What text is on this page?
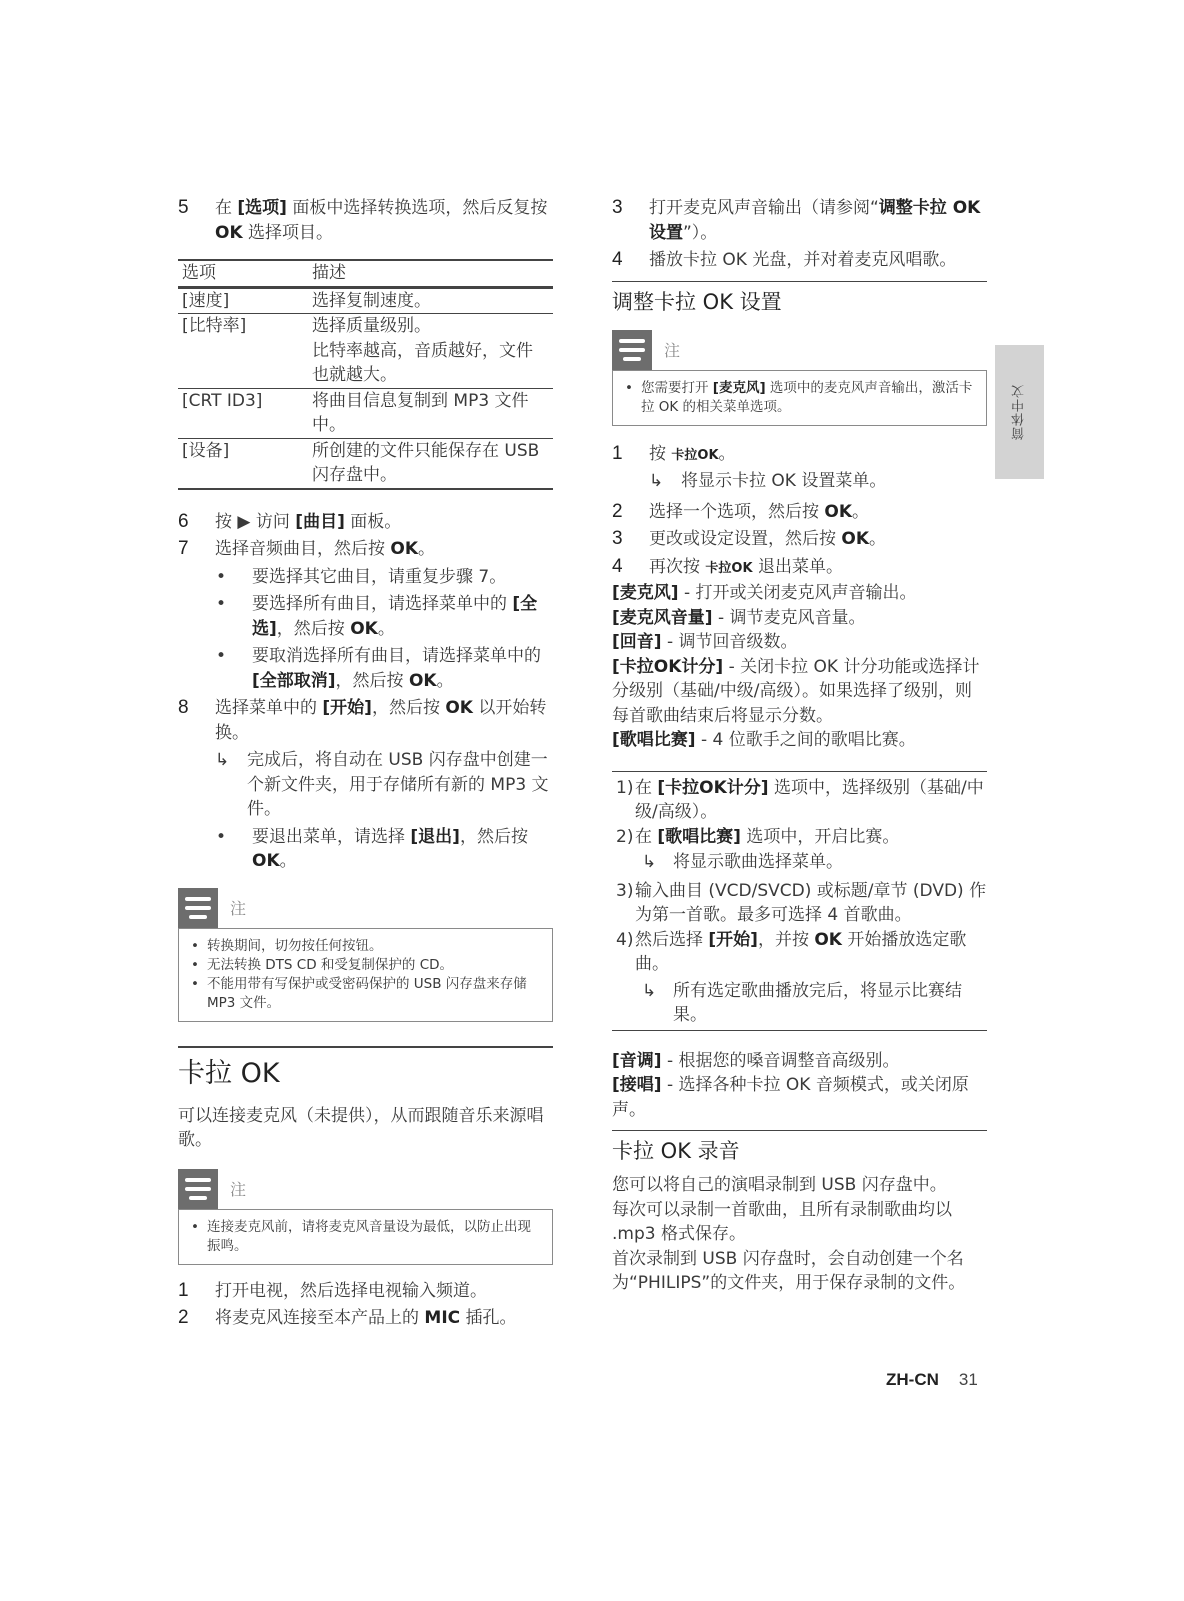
5 在 [选项] 面板中选择转换选项，然后反复按 OK 选择项目。
选项	描述
[速度]	选择复制速度。

[比特率]	选择质量级别。
比特率越高，音质越好，文件也就越大。

[CRT ID3]	将曲目信息复制到 MP3 文件中。

[设备]	所创建的文件只能保存在 USB 闪存盘中。
6 按 ▶ 访问 [曲目] 面板。
7 选择音频曲目，然后按 OK。
• 要选择其它曲目，请重复步骤 7。
• 要选择所有曲目，请选择菜单中的 [全选]，然后按 OK。
• 要取消选择所有曲目，请选择菜单中的 [全部取消]，然后按 OK。
8 选择菜单中的 [开始]，然后按 OK 以开始转换。
↳ 完成后，将自动在 USB 闪存盘中创建一个新文件夹，用于存储所有新的 MP3 文件。
• 要退出菜单，请选择 [退出]，然后按 OK。
注
• 转换期间，切勿按任何按钮。
• 无法转换 DTS CD 和受复制保护的 CD。
• 不能用带有写保护或受密码保护的 USB 闪存盘来存储 MP3 文件。
卡拉 OK
可以连接麦克风（未提供），从而跟随音乐来源唱歌。
注
• 连接麦克风前，请将麦克风音量设为最低，以防止出现振鸣。
1 打开电视，然后选择电视输入频道。
2 将麦克风连接至本产品上的 MIC 插孔。
3 打开麦克风声音输出（请参阅“调整卡拉 OK 设置”）。
4 播放卡拉 OK 光盘，并对着麦克风唱歌。
调整卡拉 OK 设置
注
• 您需要打开 [麦克风] 选项中的麦克风声音输出，激活卡拉 OK 的相关菜单选项。
1 按 卡拉OK。
↳ 将显示卡拉 OK 设置菜单。
2 选择一个选项，然后按 OK。
3 更改或设定设置，然后按 OK。
4 再次按 卡拉OK 退出菜单。
[麦克风] - 打开或关闭麦克风声音输出。
[麦克风音量] - 调节麦克风音量。
[回音] - 调节回音级数。
[卡拉OK计分] - 关闭卡拉 OK 计分功能或选择计分级别（基础/中级/高级）。如果选择了级别，则每首歌曲结束后将显示分数。
[歌唱比赛] - 4 位歌手之间的歌唱比赛。
1) 在 [卡拉OK计分] 选项中，选择级别（基础/中级/高级）。
2) 在 [歌唱比赛] 选项中，开启比赛。
↳ 将显示歌曲选择菜单。
3) 输入曲目 (VCD/SVCD) 或标题/章节 (DVD) 作为第一首歌。最多可选择 4 首歌曲。
4) 然后选择 [开始]，并按 OK 开始播放选定歌曲。
↳ 所有选定歌曲播放完后，将显示比赛结果。
[音调] - 根据您的嗓音调整音高级别。
[接唱] - 选择各种卡拉 OK 音频模式，或关闭原声。
卡拉 OK 录音
您可以将自己的演唱录制到 USB 闪存盘中。
每次可以录制一首歌曲，且所有录制歌曲均以 .mp3 格式保存。
首次录制到 USB 闪存盘时，会自动创建一个名为“PHILIPS”的文件夹，用于保存录制的文件。
简体中文
ZH-CN 31
